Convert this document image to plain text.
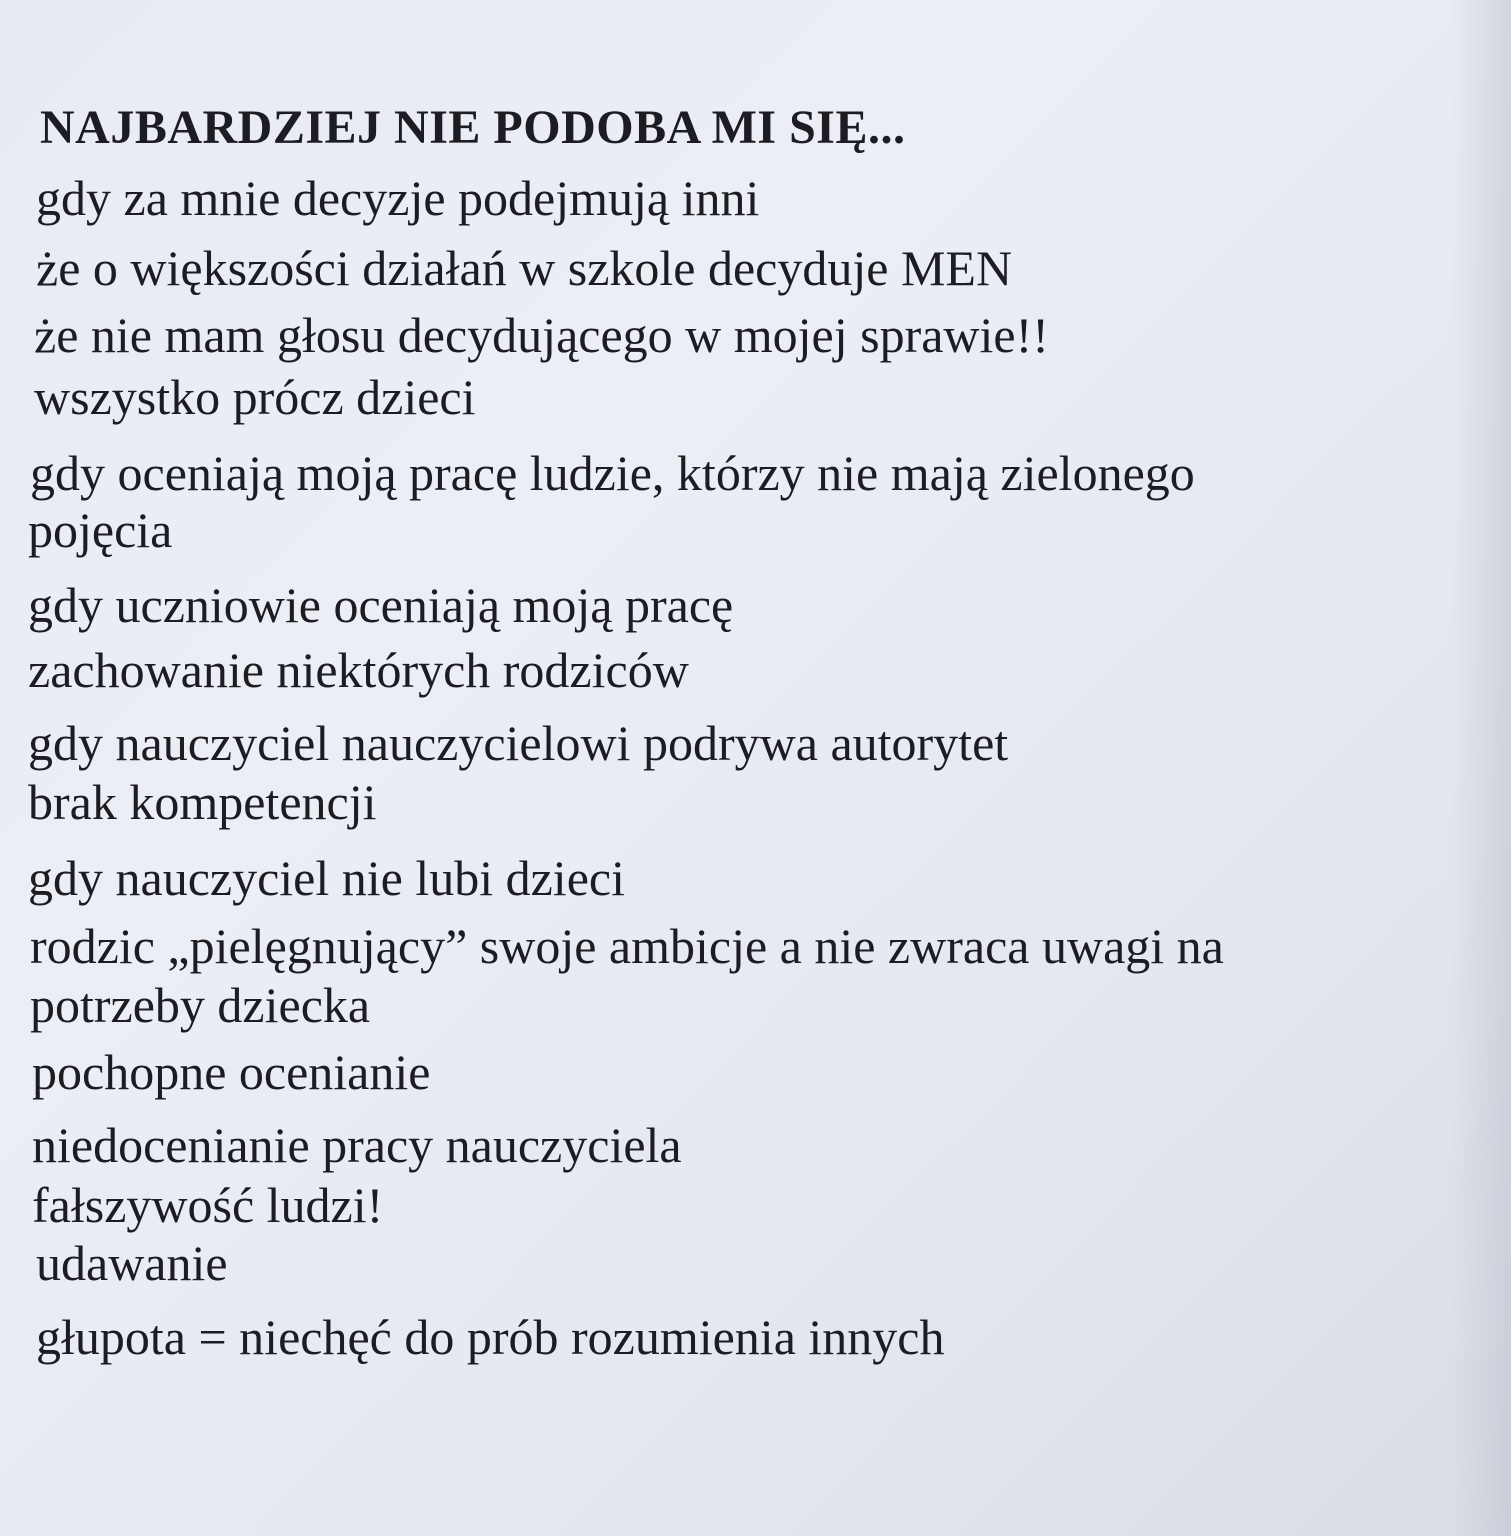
NAJBARDZIEJ NIE PODOBA MI SIĘ...
gdy za mnie decyzje podejmują inni
że o większości działań w szkole decyduje MEN
że nie mam głosu decydującego w mojej sprawie!!
wszystko prócz dzieci
gdy oceniają moją pracę ludzie, którzy nie mają zielonego
pojęcia
gdy uczniowie oceniają moją pracę
zachowanie niektórych rodziców
gdy nauczyciel nauczycielowi podrywa autorytet
brak kompetencji
gdy nauczyciel nie lubi dzieci
rodzic „pielęgnujący” swoje ambicje a nie zwraca uwagi na
potrzeby dziecka
pochopne ocenianie
niedocenianie pracy nauczyciela
fałszywość ludzi!
udawanie
głupota = niechęć do prób rozumienia innych
